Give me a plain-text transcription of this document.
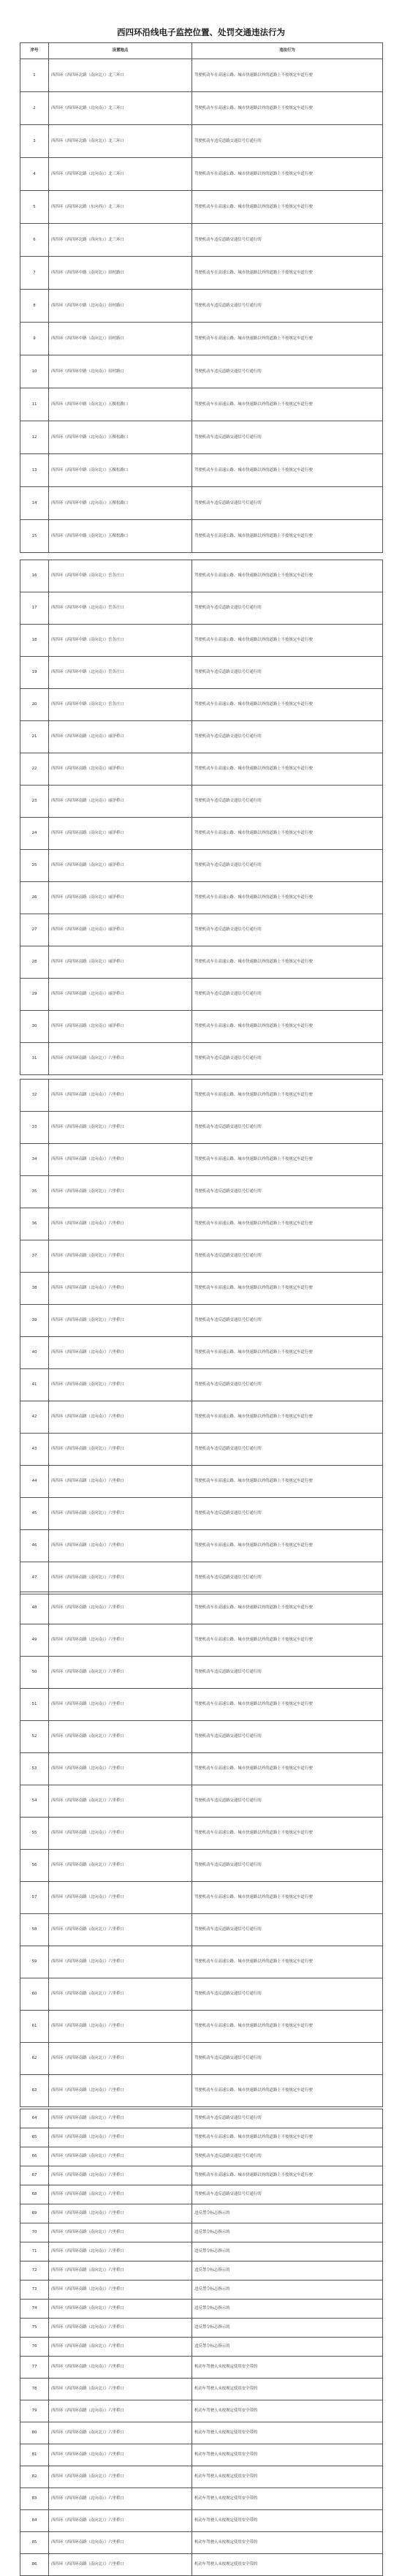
西四环沿线电子监控位置、处罚交通违法行为
序号	设置地点	违法行为
1	西四环《西四环北路（南向北）》北三环口	驾驶机动车在高速公路、城市快速路以外的道路上不按规定车道行驶
2	西四环《西四环北路（北向南）》北三环口	驾驶机动车在高速公路、城市快速路以外的道路上不按规定车道行驶
3	西四环《西四环北路（南向北）》北三环口	驾驶机动车违反道路交通信号灯通行的
4	西四环《西四环北路（北向南）》北三环口	驾驶机动车在高速公路、城市快速路以外的道路上不按规定车道行驶
5	西四环《西四环北路（东向西）》北三环口	驾驶机动车在高速公路、城市快速路以外的道路上不按规定车道行驶
6	西四环《西四环北路（西向东）》北三环口	驾驶机动车违反道路交通信号灯通行的
7	西四环《西四环中路（南向北）》田村路口	驾驶机动车在高速公路、城市快速路以外的道路上不按规定车道行驶
8	西四环《西四环中路（北向南）》田村路口	驾驶机动车违反道路交通信号灯通行的
9	西四环《西四环中路（南向北）》田村路口	驾驶机动车在高速公路、城市快速路以外的道路上不按规定车道行驶
10	西四环《西四环中路（北向南）》田村路口	驾驶机动车违反道路交通信号灯通行的
11	西四环《西四环中路（南向北）》五棵松路口	驾驶机动车在高速公路、城市快速路以外的道路上不按规定车道行驶
12	西四环《西四环中路（北向南）》五棵松路口	驾驶机动车违反道路交通信号灯通行的
13	西四环《西四环中路（南向北）》五棵松路口	驾驶机动车在高速公路、城市快速路以外的道路上不按规定车道行驶
14	西四环《西四环中路（北向南）》五棵松路口	驾驶机动车违反道路交通信号灯通行的
15	西四环《西四环中路（南向北）》五棵松路口	驾驶机动车在高速公路、城市快速路以外的道路上不按规定车道行驶
16	西四环《西四环中路（南向北）》岳各庄口	驾驶机动车在高速公路、城市快速路以外的道路上不按规定车道行驶
17	西四环《西四环中路（北向南）》岳各庄口	驾驶机动车违反道路交通信号灯通行的
18	西四环《西四环中路（南向北）》岳各庄口	驾驶机动车在高速公路、城市快速路以外的道路上不按规定车道行驶
19	西四环《西四环中路（北向南）》岳各庄口	驾驶机动车违反道路交通信号灯通行的
20	西四环《西四环中路（南向北）》岳各庄口	驾驶机动车在高速公路、城市快速路以外的道路上不按规定车道行驶
21	西四环《西四环南路（北向南）》丽泽桥口	驾驶机动车违反道路交通信号灯通行的
22	西四环《西四环南路（北向南）》丽泽桥口	驾驶机动车在高速公路、城市快速路以外的道路上不按规定车道行驶
23	西四环《西四环南路（北向南）》丽泽桥口	驾驶机动车违反道路交通信号灯通行的
24	西四环《西四环南路（南向北）》丽泽桥口	驾驶机动车在高速公路、城市快速路以外的道路上不按规定车道行驶
25	西四环《西四环南路（南向北）》丽泽桥口	驾驶机动车违反道路交通信号灯通行的
26	西四环《西四环南路（南向北）》丽泽桥口	驾驶机动车在高速公路、城市快速路以外的道路上不按规定车道行驶
27	西四环《西四环南路（北向南）》丽泽桥口	驾驶机动车违反道路交通信号灯通行的
28	西四环《西四环南路（南向北）》丽泽桥口	驾驶机动车在高速公路、城市快速路以外的道路上不按规定车道行驶
29	西四环《西四环南路（北向南）》丽泽桥口	驾驶机动车违反道路交通信号灯通行的
30	西四环《西四环南路（北向南）》丽泽桥口	驾驶机动车在高速公路、城市快速路以外的道路上不按规定车道行驶
31	西四环《西四环南路（南向北）》六里桥口	驾驶机动车违反道路交通信号灯通行的
32	西四环《西四环南路（北向南）》六里桥口	驾驶机动车在高速公路、城市快速路以外的道路上不按规定车道行驶
33	西四环《西四环南路（南向北）》六里桥口	驾驶机动车违反道路交通信号灯通行的
34	西四环《西四环南路（北向南）》六里桥口	驾驶机动车在高速公路、城市快速路以外的道路上不按规定车道行驶
35	西四环《西四环南路（南向北）》六里桥口	驾驶机动车违反道路交通信号灯通行的
36	西四环《西四环南路（北向南）》六里桥口	驾驶机动车在高速公路、城市快速路以外的道路上不按规定车道行驶
37	西四环《西四环南路（南向北）》六里桥口	驾驶机动车违反道路交通信号灯通行的
38	西四环《西四环南路（北向南）》六里桥口	驾驶机动车在高速公路、城市快速路以外的道路上不按规定车道行驶
39	西四环《西四环南路（南向北）》六里桥口	驾驶机动车违反道路交通信号灯通行的
40	西四环《西四环南路（北向南）》六里桥口	驾驶机动车在高速公路、城市快速路以外的道路上不按规定车道行驶
41	西四环《西四环南路（南向北）》六里桥口	驾驶机动车违反道路交通信号灯通行的
42	西四环《西四环南路（北向南）》六里桥口	驾驶机动车在高速公路、城市快速路以外的道路上不按规定车道行驶
43	西四环《西四环南路（南向北）》六里桥口	驾驶机动车违反道路交通信号灯通行的
44	西四环《西四环南路（北向南）》六里桥口	驾驶机动车在高速公路、城市快速路以外的道路上不按规定车道行驶
45	西四环《西四环南路（南向北）》六里桥口	驾驶机动车违反道路交通信号灯通行的
46	西四环《西四环南路（北向南）》六里桥口	驾驶机动车在高速公路、城市快速路以外的道路上不按规定车道行驶
47	西四环《西四环南路（南向北）》六里桥口	驾驶机动车违反道路交通信号灯通行的
48	西四环《西四环南路（北向南）》六里桥口	驾驶机动车在高速公路、城市快速路以外的道路上不按规定车道行驶
49	西四环《西四环南路（北向南）》六里桥口	驾驶机动车在高速公路、城市快速路以外的道路上不按规定车道行驶
50	西四环《西四环南路（南向北）》六里桥口	驾驶机动车违反道路交通信号灯通行的
51	西四环《西四环南路（北向南）》六里桥口	驾驶机动车在高速公路、城市快速路以外的道路上不按规定车道行驶
52	西四环《西四环南路（南向北）》六里桥口	驾驶机动车违反道路交通信号灯通行的
53	西四环《西四环南路（北向南）》六里桥口	驾驶机动车在高速公路、城市快速路以外的道路上不按规定车道行驶
54	西四环《西四环南路（南向北）》六里桥口	驾驶机动车违反道路交通信号灯通行的
55	西四环《西四环南路（北向南）》六里桥口	驾驶机动车在高速公路、城市快速路以外的道路上不按规定车道行驶
56	西四环《西四环南路（南向北）》六里桥口	驾驶机动车违反道路交通信号灯通行的
57	西四环《西四环南路（北向南）》六里桥口	驾驶机动车在高速公路、城市快速路以外的道路上不按规定车道行驶
58	西四环《西四环南路（南向北）》六里桥口	驾驶机动车违反道路交通信号灯通行的
59	西四环《西四环南路（北向南）》六里桥口	驾驶机动车在高速公路、城市快速路以外的道路上不按规定车道行驶
60	西四环《西四环南路（南向北）》六里桥口	驾驶机动车违反道路交通信号灯通行的
61	西四环《西四环南路（北向南）》六里桥口	驾驶机动车在高速公路、城市快速路以外的道路上不按规定车道行驶
62	西四环《西四环南路（南向北）》六里桥口	驾驶机动车违反道路交通信号灯通行的
63	西四环《西四环南路（北向南）》六里桥口	驾驶机动车在高速公路、城市快速路以外的道路上不按规定车道行驶
64	西四环《西四环南路（南向北）》六里桥口	驾驶机动车违反道路交通信号灯通行的
65	西四环《西四环南路（北向南）》六里桥口	驾驶机动车在高速公路、城市快速路以外的道路上不按规定车道行驶
66	西四环《西四环南路（南向北）》六里桥口	驾驶机动车违反道路交通信号灯通行的
67	西四环《西四环南路（北向南）》六里桥口	驾驶机动车在高速公路、城市快速路以外的道路上不按规定车道行驶
68	西四环《西四环南路（南向北）》六里桥口	驾驶机动车违反道路交通信号灯通行的
69	西四环《西四环南路（北向南）》六里桥口	违反禁令标志指示的
70	西四环《西四环南路（南向北）》六里桥口	违反禁令标志指示的
71	西四环《西四环南路（北向南）》六里桥口	违反禁令标志指示的
72	西四环《西四环南路（南向北）》六里桥口	违反禁令标志指示的
73	西四环《西四环南路（北向南）》六里桥口	违反禁令标志指示的
74	西四环《西四环南路（南向北）》六里桥口	违反禁令标志指示的
75	西四环《西四环南路（北向南）》六里桥口	违反禁令标志指示的
76	西四环《西四环南路（南向北）》六里桥口	违反禁令标志指示的
77	西四环《西四环南路（北向南）》六里桥口	机动车驾驶人未按规定使用安全带的
78	西四环《西四环南路（南向北）》六里桥口	机动车驾驶人未按规定使用安全带的
79	西四环《西四环南路（北向南）》六里桥口	机动车驾驶人未按规定使用安全带的
80	西四环《西四环南路（南向北）》六里桥口	机动车驾驶人未按规定使用安全带的
81	西四环《西四环南路（北向南）》六里桥口	机动车驾驶人未按规定使用安全带的
82	西四环《西四环南路（南向北）》六里桥口	机动车驾驶人未按规定使用安全带的
83	西四环《西四环南路（北向南）》六里桥口	机动车驾驶人未按规定使用安全带的
84	西四环《西四环南路（南向北）》六里桥口	机动车驾驶人未按规定使用安全带的
85	西四环《西四环南路（北向南）》六里桥口	机动车驾驶人未按规定使用安全带的
86	西四环《西四环南路（南向北）》六里桥口	机动车驾驶人未按规定使用安全带的
